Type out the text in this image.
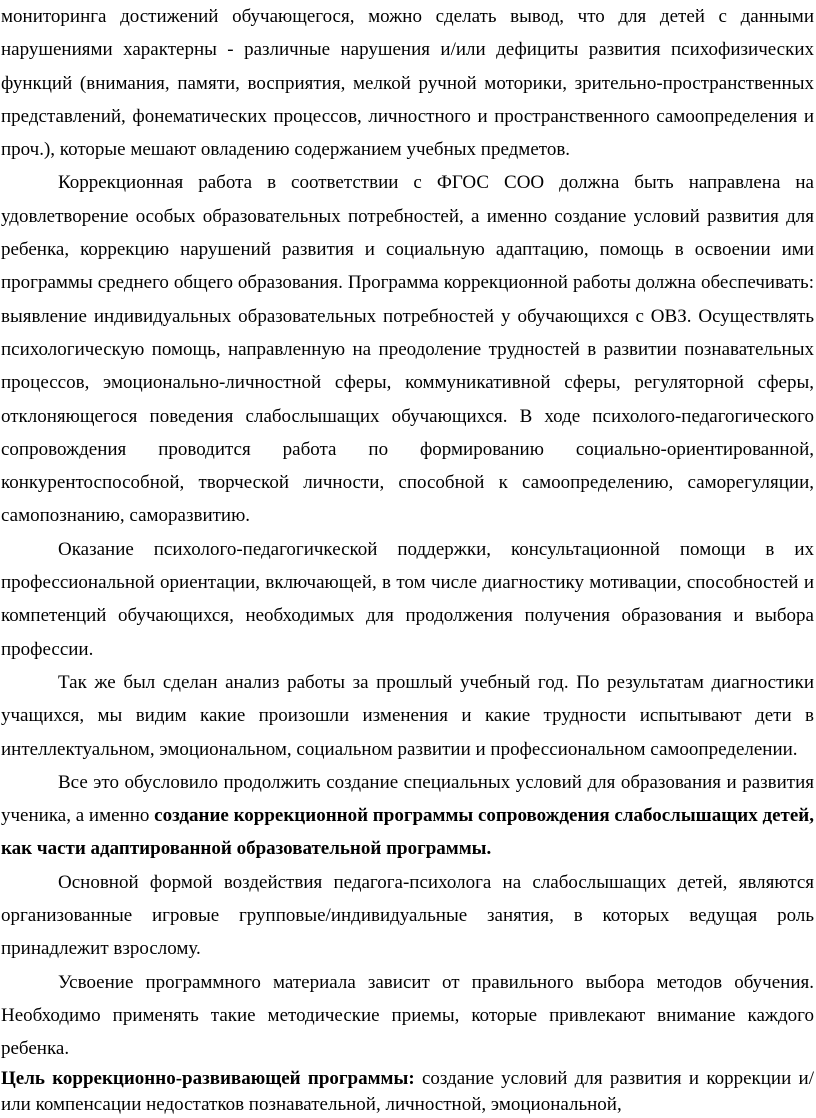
мониторинга достижений обучающегося, можно сделать вывод, что для детей с данными нарушениями характерны - различные нарушения и/или дефициты развития психофизических функций (внимания, памяти, восприятия, мелкой ручной моторики, зрительно-пространственных представлений, фонематических процессов, личностного и пространственного самоопределения и проч.), которые мешают овладению содержанием учебных предметов.

Коррекционная работа в соответствии с ФГОС СОО должна быть направлена на удовлетворение особых образовательных потребностей, а именно создание условий развития для ребенка, коррекцию нарушений развития и социальную адаптацию, помощь в освоении ими программы среднего общего образования. Программа коррекционной работы должна обеспечивать: выявление индивидуальных образовательных потребностей у обучающихся с ОВЗ. Осуществлять психологическую помощь, направленную на преодоление трудностей в развитии познавательных процессов, эмоционально-личностной сферы, коммуникативной сферы, регуляторной сферы, отклоняющегося поведения слабослышащих обучающихся. В ходе психолого-педагогического сопровождения проводится работа по формированию социально-ориентированной, конкурентоспособной, творческой личности, способной к самоопределению, саморегуляции, самопознанию, саморазвитию.

Оказание психолого-педагогичкеской поддержки, консультационной помощи в их профессиональной ориентации, включающей, в том числе диагностику мотивации, способностей и компетенций обучающихся, необходимых для продолжения получения образования и выбора профессии.

Так же был сделан анализ работы за прошлый учебный год. По результатам диагностики учащихся, мы видим какие произошли изменения и какие трудности испытывают дети в интеллектуальном, эмоциональном, социальном развитии и профессиональном самоопределении.

Все это обусловило продолжить создание специальных условий для образования и развития ученика, а именно создание коррекционной программы сопровождения слабослышащих детей, как части адаптированной образовательной программы.

Основной формой воздействия педагога-психолога на слабослышащих детей, являются организованные игровые групповые/индивидуальные занятия, в которых ведущая роль принадлежит взрослому.

Усвоение программного материала зависит от правильного выбора методов обучения. Необходимо применять такие методические приемы, которые привлекают внимание каждого ребенка.

Цель коррекционно-развивающей программы: создание условий для развития и коррекции и/или компенсации недостатков познавательной, личностной, эмоциональной,
